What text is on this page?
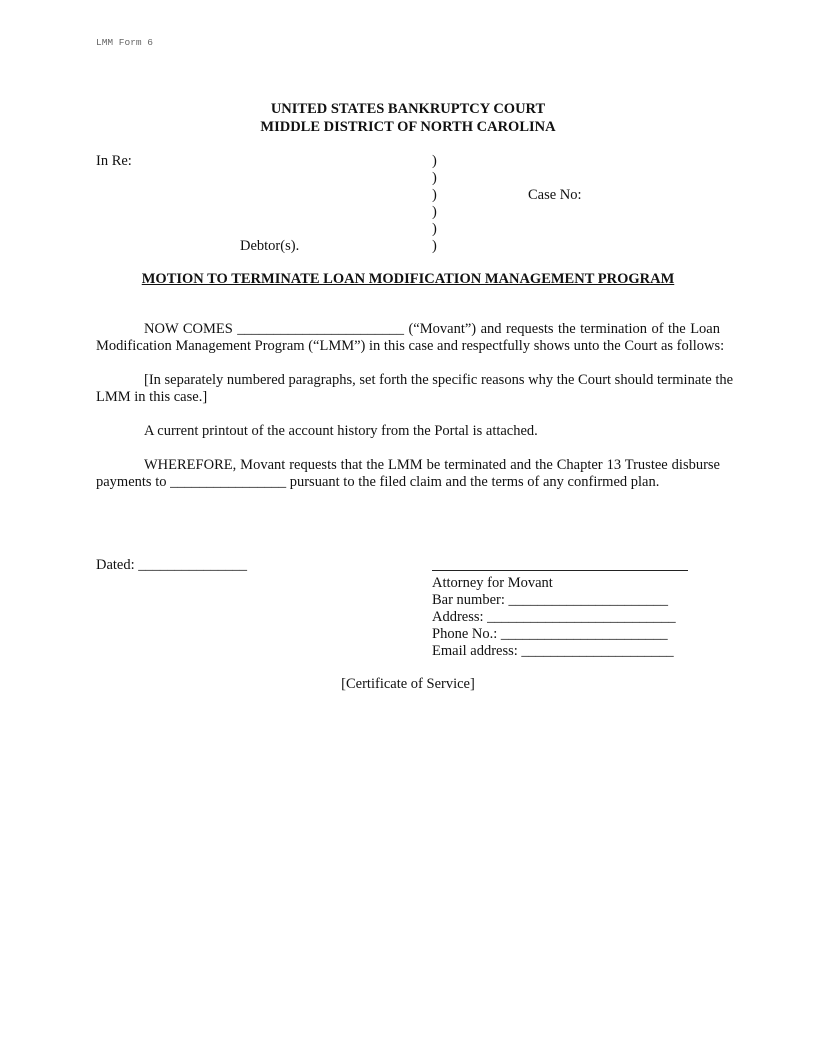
LMM Form 6
UNITED STATES BANKRUPTCY COURT
MIDDLE DISTRICT OF NORTH CAROLINA
In Re:	)
)
)
)
)
)
Case No:
Debtor(s).
MOTION TO TERMINATE LOAN MODIFICATION MANAGEMENT PROGRAM
NOW COMES _______________________ (“Movant”) and requests the termination of the Loan
Modification Management Program (“LMM”) in this case and respectfully shows unto the Court as follows:
[In separately numbered paragraphs, set forth the specific reasons why the Court should terminate the
LMM in this case.]
A current printout of the account history from the Portal is attached.
WHEREFORE, Movant requests that the LMM be terminated and the Chapter 13 Trustee disburse
payments to ________________ pursuant to the filed claim and the terms of any confirmed plan.
Dated: _______________
Attorney for Movant
Bar number: ______________________
Address: __________________________
Phone No.: _______________________
Email address: _____________________
[Certificate of Service]
